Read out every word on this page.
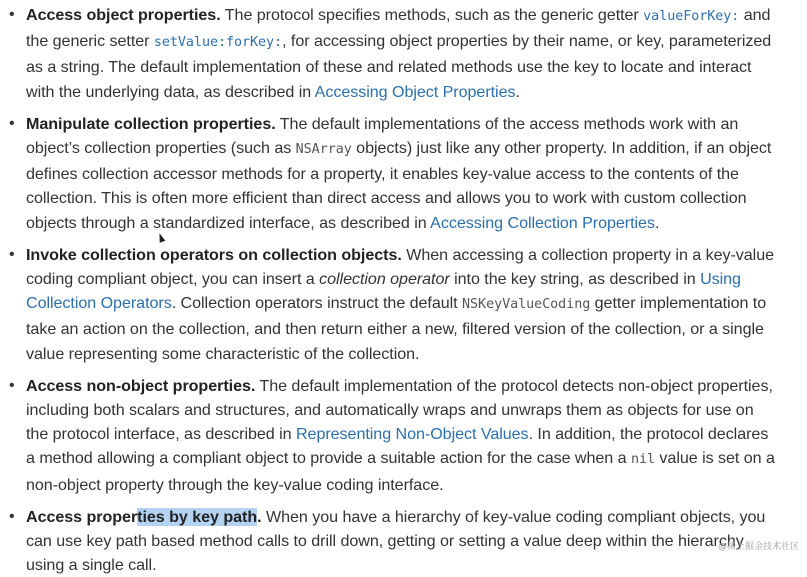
• Access object properties. The protocol specifies methods, such as the generic getter valueForKey: and the generic setter setValue:forKey:, for accessing object properties by their name, or key, parameterized as a string. The default implementation of these and related methods use the key to locate and interact with the underlying data, as described in Accessing Object Properties.
• Manipulate collection properties. The default implementations of the access methods work with an object’s collection properties (such as NSArray objects) just like any other property. In addition, if an object defines collection accessor methods for a property, it enables key-value access to the contents of the collection. This is often more efficient than direct access and allows you to work with custom collection objects through a standardized interface, as described in Accessing Collection Properties.
• Invoke collection operators on collection objects. When accessing a collection property in a key-value coding compliant object, you can insert a collection operator into the key string, as described in Using Collection Operators. Collection operators instruct the default NSKeyValueCoding getter implementation to take an action on the collection, and then return either a new, filtered version of the collection, or a single value representing some characteristic of the collection.
• Access non-object properties. The default implementation of the protocol detects non-object properties, including both scalars and structures, and automatically wraps and unwraps them as objects for use on the protocol interface, as described in Representing Non-Object Values. In addition, the protocol declares a method allowing a compliant object to provide a suitable action for the case when a nil value is set on a non-object property through the key-value coding interface.
• Access properties by key path. When you have a hierarchy of key-value coding compliant objects, you can use key path based method calls to drill down, getting or setting a value deep within the hierarchy using a single call.
@稀土掘金技术社区
